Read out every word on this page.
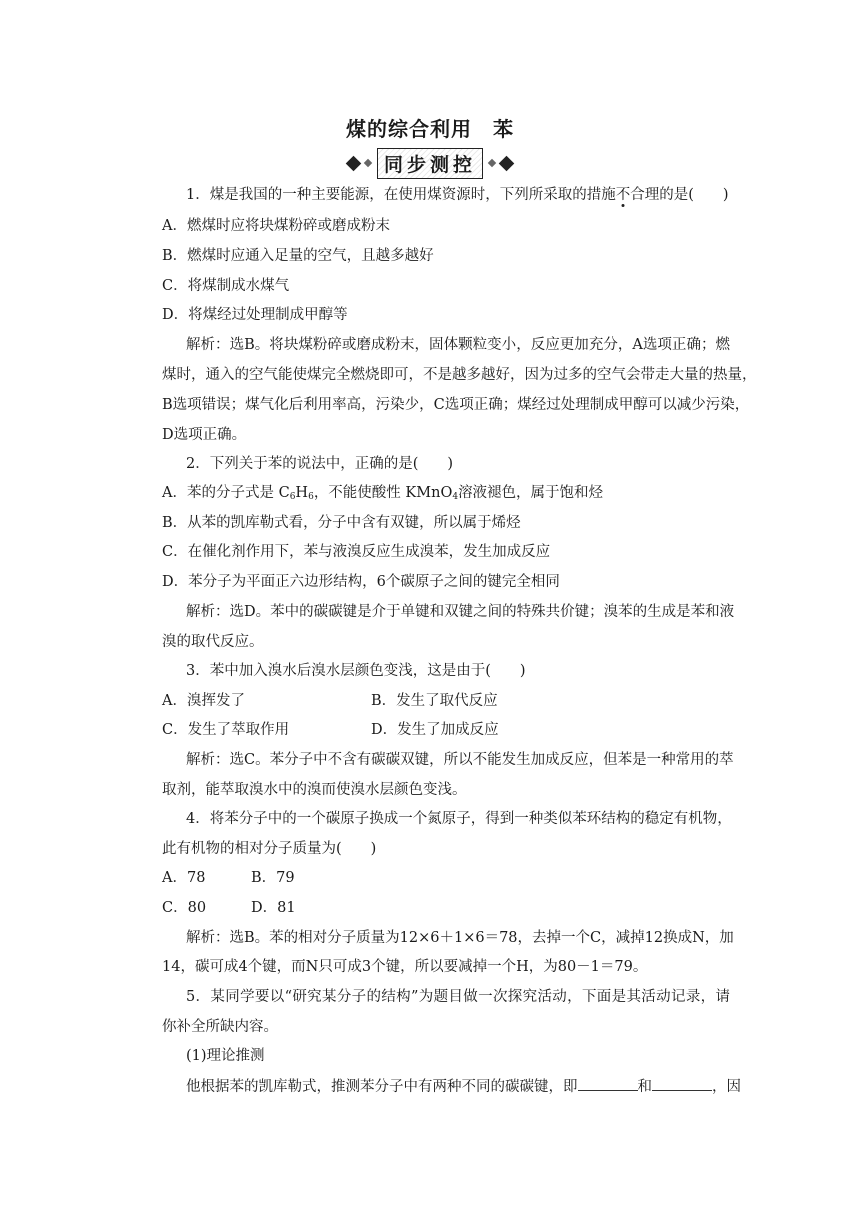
煤的综合利用　苯
同步测控
1．煤是我国的一种主要能源，在使用煤资源时，下列所采取的措施不合理的是(　　)
A．燃煤时应将块煤粉碎或磨成粉末
B．燃煤时应通入足量的空气，且越多越好
C．将煤制成水煤气
D．将煤经过处理制成甲醇等
解析：选B。将块煤粉碎或磨成粉末，固体颗粒变小，反应更加充分，A选项正确；燃
煤时，通入的空气能使煤完全燃烧即可，不是越多越好，因为过多的空气会带走大量的热量，
B选项错误；煤气化后利用率高，污染少，C选项正确；煤经过处理制成甲醇可以减少污染，
D选项正确。
2．下列关于苯的说法中，正确的是(　　)
A．苯的分子式是 $C_6H_6$，不能使酸性 KMnO$_4$溶液褪色，属于饱和烃
B．从苯的凯库勒式看，分子中含有双键，所以属于烯烃
C．在催化剂作用下，苯与液溴反应生成溴苯，发生加成反应
D．苯分子为平面正六边形结构，6个碳原子之间的键完全相同
解析：选D。苯中的碳碳键是介于单键和双键之间的特殊共价键；溴苯的生成是苯和液
溴的取代反应。
3．苯中加入溴水后溴水层颜色变浅，这是由于(　　)
A．溴挥发了	B．发生了取代反应
C．发生了萃取作用	D．发生了加成反应
解析：选C。苯分子中不含有碳碳双键，所以不能发生加成反应，但苯是一种常用的萃
取剂，能萃取溴水中的溴而使溴水层颜色变浅。
4．将苯分子中的一个碳原子换成一个氮原子，得到一种类似苯环结构的稳定有机物，
此有机物的相对分子质量为(　　)
A．78	B．79
C．80	D．81
解析：选B。苯的相对分子质量为12×6＋1×6＝78，去掉一个C，减掉12换成N，加
14，碳可成4个键，而N只可成3个键，所以要减掉一个H，为80－1＝79。
5．某同学要以“研究某分子的结构”为题目做一次探究活动，下面是其活动记录，请
你补全所缺内容。
(1)理论推测
他根据苯的凯库勒式，推测苯分子中有两种不同的碳碳键，即	和	，因
